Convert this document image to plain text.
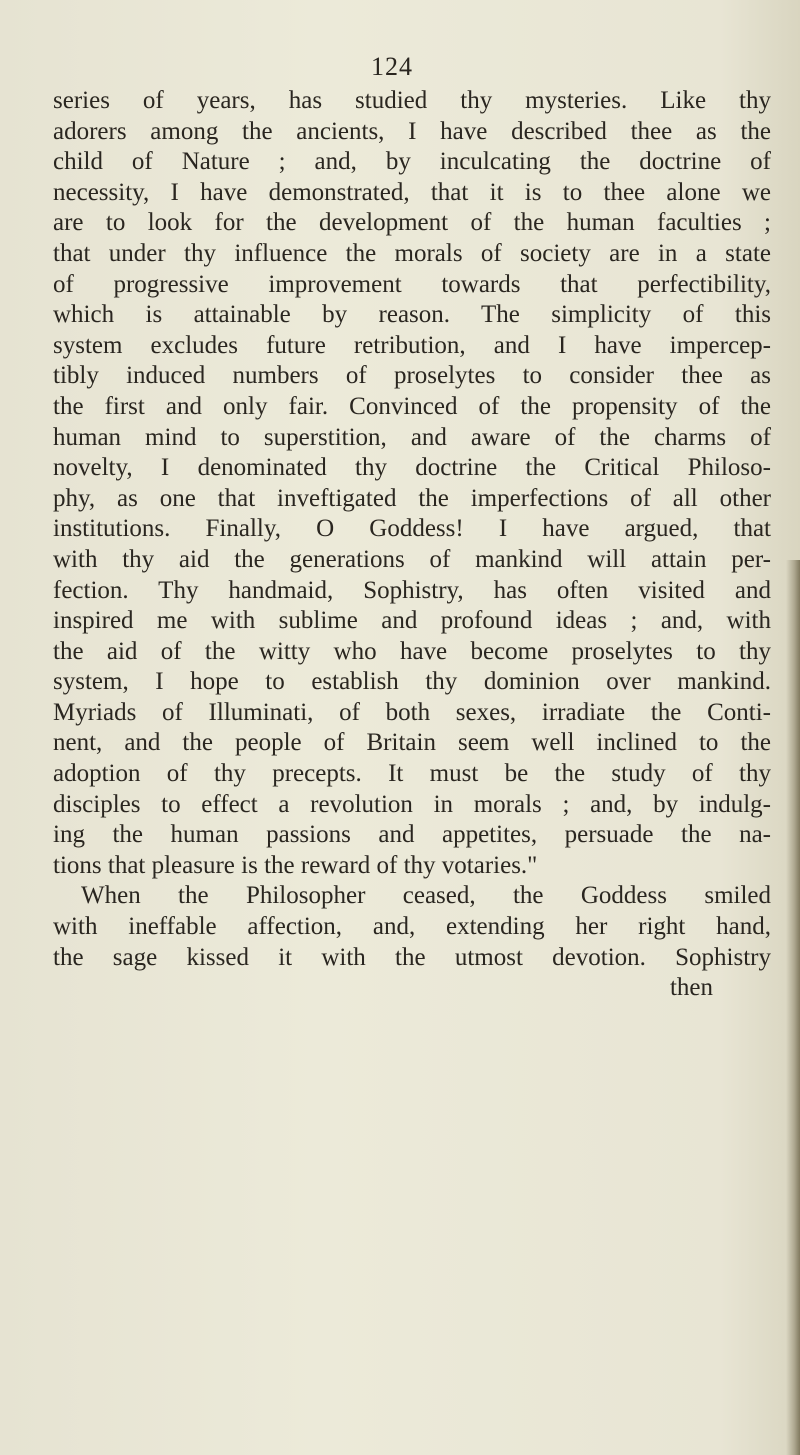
124
series of years, has studied thy mysteries. Like thy
adorers among the ancients, I have described thee as the
child of Nature ; and, by inculcating the doctrine of
necessity, I have demonstrated, that it is to thee alone we
are to look for the development of the human faculties ;
that under thy influence the morals of society are in a state
of progressive improvement towards that perfectibility,
which is attainable by reason. The simplicity of this
system excludes future retribution, and I have impercep-
tibly induced numbers of proselytes to consider thee as
the first and only fair. Convinced of the propensity of the
human mind to superstition, and aware of the charms of
novelty, I denominated thy doctrine the Critical Philoso-
phy, as one that inveftigated the imperfections of all other
institutions. Finally, O Goddess! I have argued, that
with thy aid the generations of mankind will attain per-
fection. Thy handmaid, Sophistry, has often visited and
inspired me with sublime and profound ideas ; and, with
the aid of the witty who have become proselytes to thy
system, I hope to establish thy dominion over mankind.
Myriads of Illuminati, of both sexes, irradiate the Conti-
nent, and the people of Britain seem well inclined to the
adoption of thy precepts. It must be the study of thy
disciples to effect a revolution in morals ; and, by indulg-
ing the human passions and appetites, persuade the na-
tions that pleasure is the reward of thy votaries."
When the Philosopher ceased, the Goddess smiled
with ineffable affection, and, extending her right hand,
the sage kissed it with the utmost devotion. Sophistry
then
